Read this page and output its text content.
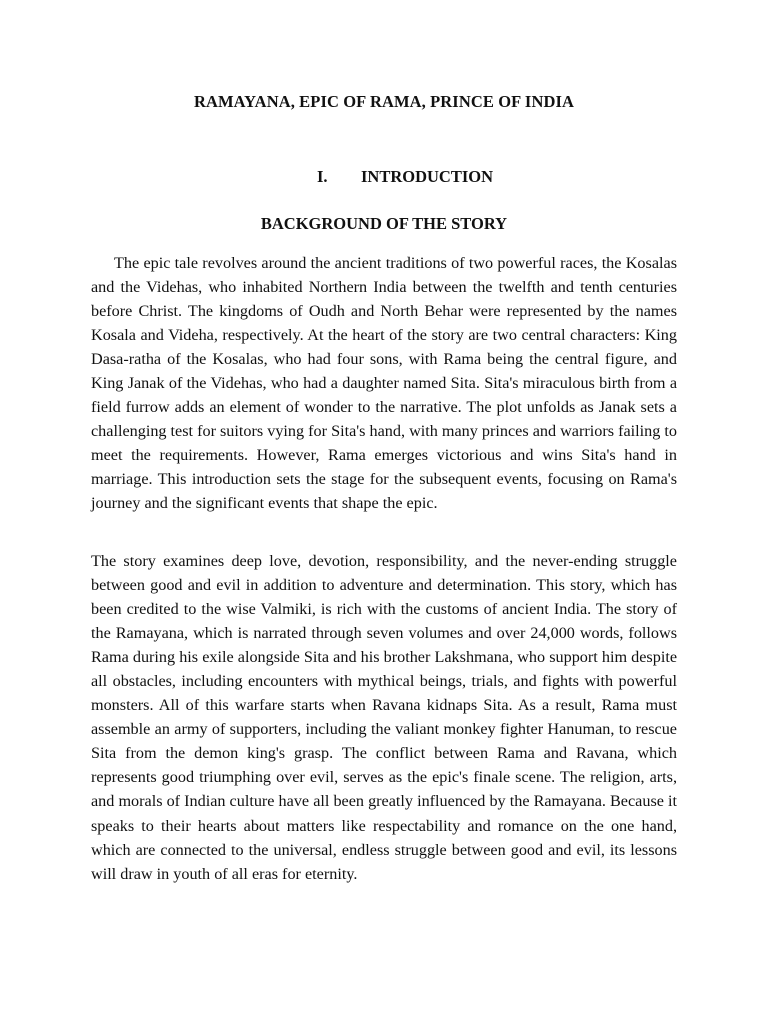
RAMAYANA, EPIC OF RAMA, PRINCE OF INDIA
I. INTRODUCTION
BACKGROUND OF THE STORY

The epic tale revolves around the ancient traditions of two powerful races, the Kosalas and the Videhas, who inhabited Northern India between the twelfth and tenth centuries before Christ. The kingdoms of Oudh and North Behar were represented by the names Kosala and Videha, respectively. At the heart of the story are two central characters: King Dasa-ratha of the Kosalas, who had four sons, with Rama being the central figure, and King Janak of the Videhas, who had a daughter named Sita. Sita's miraculous birth from a field furrow adds an element of wonder to the narrative. The plot unfolds as Janak sets a challenging test for suitors vying for Sita's hand, with many princes and warriors failing to meet the requirements. However, Rama emerges victorious and wins Sita's hand in marriage. This introduction sets the stage for the subsequent events, focusing on Rama's journey and the significant events that shape the epic.

The story examines deep love, devotion, responsibility, and the never-ending struggle between good and evil in addition to adventure and determination. This story, which has been credited to the wise Valmiki, is rich with the customs of ancient India. The story of the Ramayana, which is narrated through seven volumes and over 24,000 words, follows Rama during his exile alongside Sita and his brother Lakshmana, who support him despite all obstacles, including encounters with mythical beings, trials, and fights with powerful monsters. All of this warfare starts when Ravana kidnaps Sita. As a result, Rama must assemble an army of supporters, including the valiant monkey fighter Hanuman, to rescue Sita from the demon king's grasp. The conflict between Rama and Ravana, which represents good triumphing over evil, serves as the epic's finale scene. The religion, arts, and morals of Indian culture have all been greatly influenced by the Ramayana. Because it speaks to their hearts about matters like respectability and romance on the one hand, which are connected to the universal, endless struggle between good and evil, its lessons will draw in youth of all eras for eternity.
